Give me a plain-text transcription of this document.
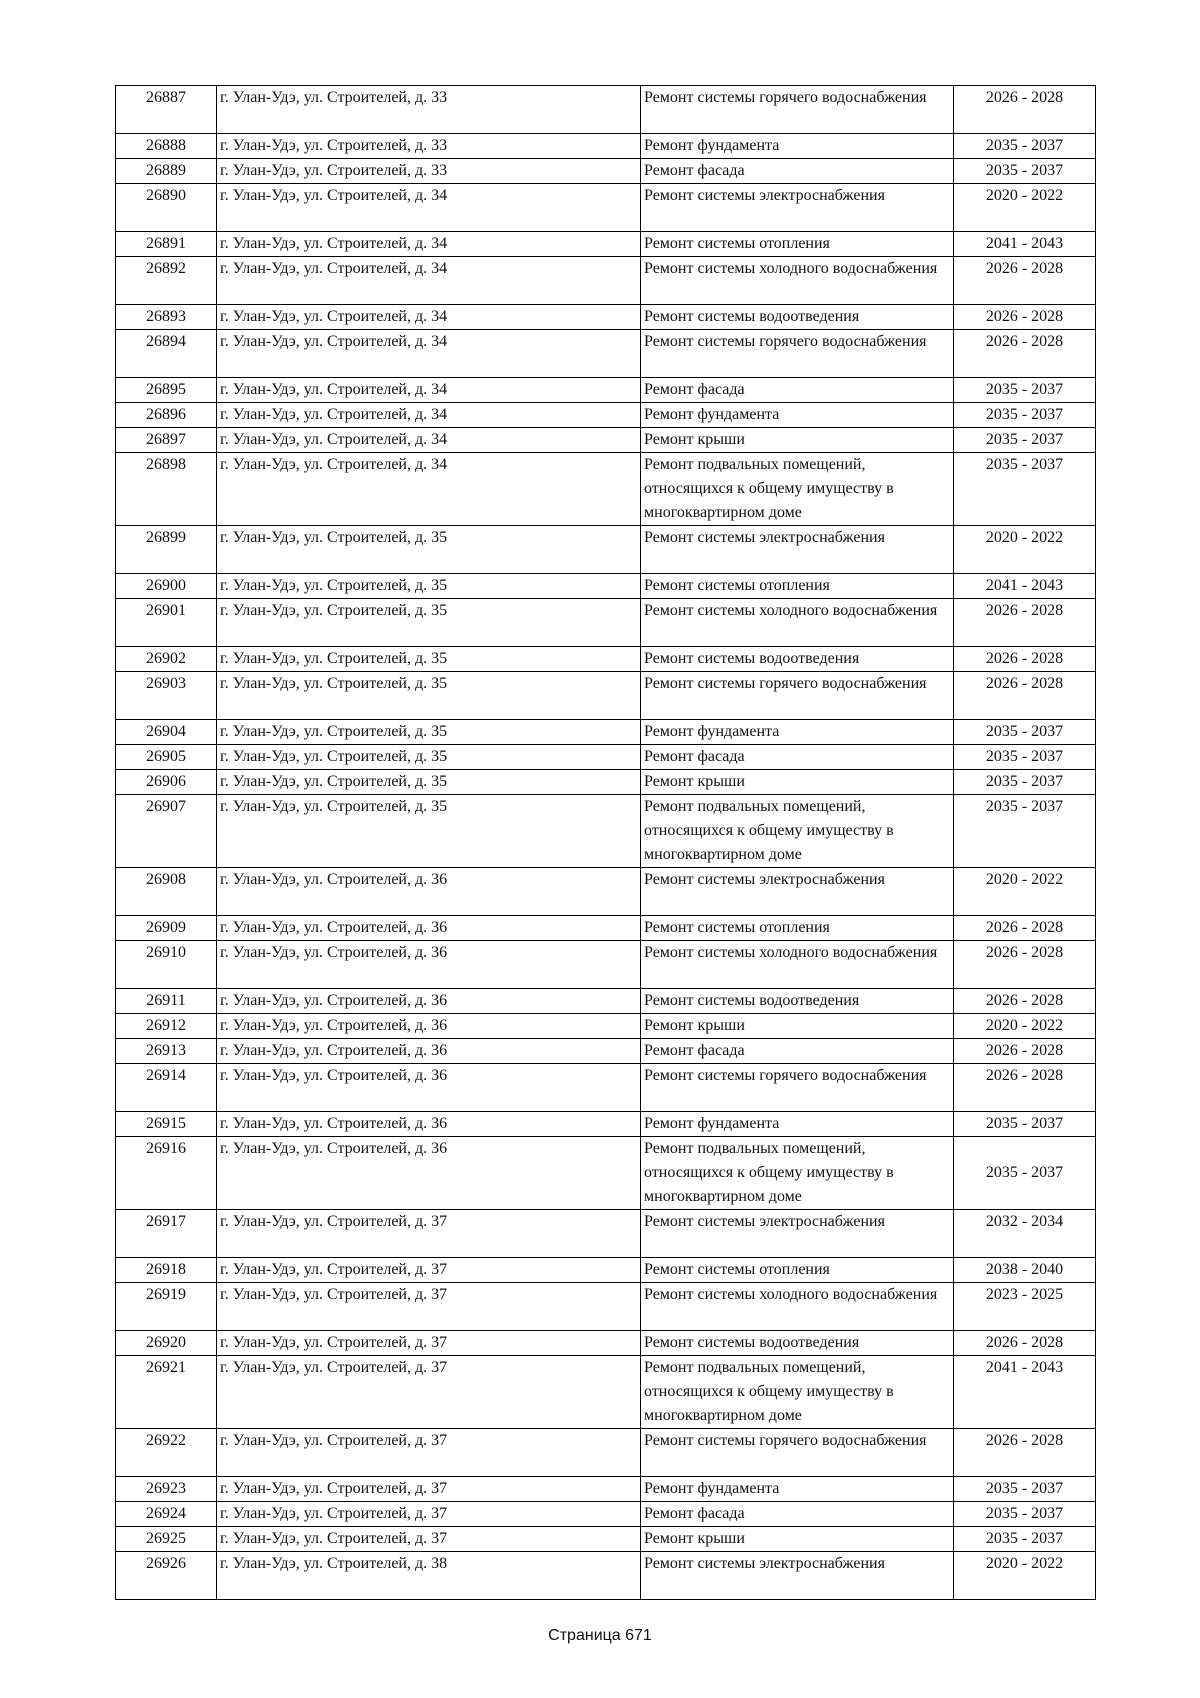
26887	г. Улан-Удэ, ул. Строителей, д. 33	Ремонт системы горячего водоснабжения	2026 - 2028
26888	г. Улан-Удэ, ул. Строителей, д. 33	Ремонт фундамента	2035 - 2037
26889	г. Улан-Удэ, ул. Строителей, д. 33	Ремонт фасада	2035 - 2037
26890	г. Улан-Удэ, ул. Строителей, д. 34	Ремонт системы электроснабжения	2020 - 2022
26891	г. Улан-Удэ, ул. Строителей, д. 34	Ремонт системы отопления	2041 - 2043
26892	г. Улан-Удэ, ул. Строителей, д. 34	Ремонт системы холодного водоснабжения	2026 - 2028
26893	г. Улан-Удэ, ул. Строителей, д. 34	Ремонт системы водоотведения	2026 - 2028
26894	г. Улан-Удэ, ул. Строителей, д. 34	Ремонт системы горячего водоснабжения	2026 - 2028
26895	г. Улан-Удэ, ул. Строителей, д. 34	Ремонт фасада	2035 - 2037
26896	г. Улан-Удэ, ул. Строителей, д. 34	Ремонт фундамента	2035 - 2037
26897	г. Улан-Удэ, ул. Строителей, д. 34	Ремонт крыши	2035 - 2037
26898	г. Улан-Удэ, ул. Строителей, д. 34	Ремонт подвальных помещений, относящихся к общему имуществу в многоквартирном доме	2035 - 2037
26899	г. Улан-Удэ, ул. Строителей, д. 35	Ремонт системы электроснабжения	2020 - 2022
26900	г. Улан-Удэ, ул. Строителей, д. 35	Ремонт системы отопления	2041 - 2043
26901	г. Улан-Удэ, ул. Строителей, д. 35	Ремонт системы холодного водоснабжения	2026 - 2028
26902	г. Улан-Удэ, ул. Строителей, д. 35	Ремонт системы водоотведения	2026 - 2028
26903	г. Улан-Удэ, ул. Строителей, д. 35	Ремонт системы горячего водоснабжения	2026 - 2028
26904	г. Улан-Удэ, ул. Строителей, д. 35	Ремонт фундамента	2035 - 2037
26905	г. Улан-Удэ, ул. Строителей, д. 35	Ремонт фасада	2035 - 2037
26906	г. Улан-Удэ, ул. Строителей, д. 35	Ремонт крыши	2035 - 2037
26907	г. Улан-Удэ, ул. Строителей, д. 35	Ремонт подвальных помещений, относящихся к общему имуществу в многоквартирном доме	2035 - 2037
26908	г. Улан-Удэ, ул. Строителей, д. 36	Ремонт системы электроснабжения	2020 - 2022
26909	г. Улан-Удэ, ул. Строителей, д. 36	Ремонт системы отопления	2026 - 2028
26910	г. Улан-Удэ, ул. Строителей, д. 36	Ремонт системы холодного водоснабжения	2026 - 2028
26911	г. Улан-Удэ, ул. Строителей, д. 36	Ремонт системы водоотведения	2026 - 2028
26912	г. Улан-Удэ, ул. Строителей, д. 36	Ремонт крыши	2020 - 2022
26913	г. Улан-Удэ, ул. Строителей, д. 36	Ремонт фасада	2026 - 2028
26914	г. Улан-Удэ, ул. Строителей, д. 36	Ремонт системы горячего водоснабжения	2026 - 2028
26915	г. Улан-Удэ, ул. Строителей, д. 36	Ремонт фундамента	2035 - 2037
26916	г. Улан-Удэ, ул. Строителей, д. 36	Ремонт подвальных помещений, относящихся к общему имуществу в многоквартирном доме	2035 - 2037
26917	г. Улан-Удэ, ул. Строителей, д. 37	Ремонт системы электроснабжения	2032 - 2034
26918	г. Улан-Удэ, ул. Строителей, д. 37	Ремонт системы отопления	2038 - 2040
26919	г. Улан-Удэ, ул. Строителей, д. 37	Ремонт системы холодного водоснабжения	2023 - 2025
26920	г. Улан-Удэ, ул. Строителей, д. 37	Ремонт системы водоотведения	2026 - 2028
26921	г. Улан-Удэ, ул. Строителей, д. 37	Ремонт подвальных помещений, относящихся к общему имуществу в многоквартирном доме	2041 - 2043
26922	г. Улан-Удэ, ул. Строителей, д. 37	Ремонт системы горячего водоснабжения	2026 - 2028
26923	г. Улан-Удэ, ул. Строителей, д. 37	Ремонт фундамента	2035 - 2037
26924	г. Улан-Удэ, ул. Строителей, д. 37	Ремонт фасада	2035 - 2037
26925	г. Улан-Удэ, ул. Строителей, д. 37	Ремонт крыши	2035 - 2037
26926	г. Улан-Удэ, ул. Строителей, д. 38	Ремонт системы электроснабжения	2020 - 2022
Страница 671
